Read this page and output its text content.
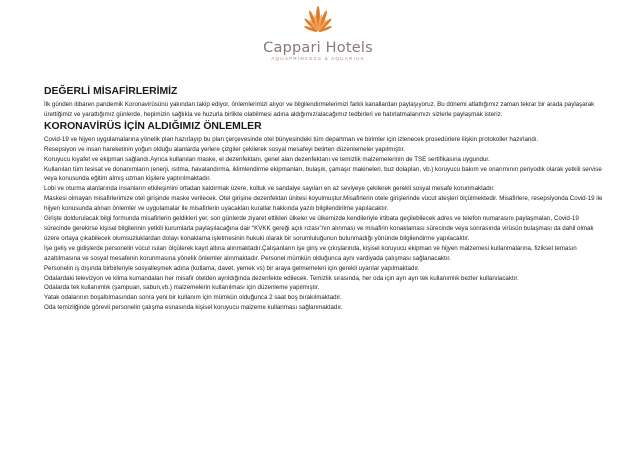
Cappari Hotels
AQUAPRINCESS & AQUARIUS
DEĞERLİ MİSAFİRLERİMİZ

İlk günden itibaren pandemik Koronavirüsünü yakından takip ediyor, önlemlerimizi alıyor ve bilgilendirmelerimizi farklı kanallardan paylaşıyoruz. Bu dönemi atlattığımız zaman tekrar bir arada paylaşarak ürettiğimiz ve yarattığımız günlerde, hepimizin sağlıkla ve huzurla birlikte olabilmesi adına aldığımız/alacağımız tedbirleri ve hatırlatmalarımızı sizlerle paylaşmak isteriz.

KORONAVİRÜS İÇİN ALDIĞIMIZ ÖNLEMLER

Covid-19 ve hijyen uygulamalarına yönelik plan hazırlayıp bu plan çerçevesinde otel bünyesindeki tüm departman ve birimler için izlenecek prosedürlere ilişkin protokoller hazırlandı.

Resepsiyon ve insan hareketinin yoğun olduğu alanlarda yerlere çizgiler çekilerek sosyal mesafeyi belirten düzenlemeler yapılmıştır.

Koruyucu kıyafet ve ekipman sağlandı.Ayrıca kullanılan maske, el dezenfektanı, genel alan dezenfektanı ve temizlik malzemelerinin de TSE sertifikasına uygundur.

Kullanılan tüm tesisat ve donanımların (enerji, ısıtma, havalandırma, iklimlendirme ekipmanları, bulaşık, çamaşır makineleri, buz dolapları, vb.) koruyucu bakım ve onarımının periyodik olarak yetkili servise veya konusunda eğitim almış uzman kişilere yaptırılmaktadır.

Lobi ve oturma alanlarında insanların etkileşimini ortadan kaldırmak üzere, koltuk ve sandalye sayıları en az seviyeye çekilerek gerekli sosyal mesafe korunmaktadır.

Maskesi olmayan misafirlerimize otel girişinde maske verilecek. Otel girişine dezenfektan ünitesi koyulmuştur.Misafirlerin otele girişlerinde vücut ateşleri ölçülmektedir. Misafirlere, resepsiyonda Covid-19 ile hijyen konusunda alınan önlemler ve uygulamalar ile misafirlerin uyacakları kurallar hakkında yazılı bilgilendirilme yapılacaktır.

Girişte doldurulacak bilgi formunda misafirlerin geldikleri yer, son günlerde ziyaret ettikleri ülkeler ve ülkemizde kendileriyle irtibata geçilebilecek adres ve telefon numarasını paylaşmaları, Covid-19 sürecinde gerekirse kişisel bilgilerinin yetkili kurumlarla paylaşılacağına dair “KVKK gereği açık rızası”nın alınması ve misafirin konaklaması sürecinde veya sonrasında virüsün bulaşması da dahil olmak üzere ortaya çıkabilecek olumsuzluklardan dolayı konaklama işletmesinin hukuki olarak bir sorumluluğunun bulunmadığı yönünde bilgilendirme yapılacaktır.

İşe geliş ve gidişlerde personelin vücut ısıları ölçülerek kayıt altına alınmaktadır.Çalışanların işe giriş ve çıkışlarında, kişisel koruyucu ekipman ve hijyen malzemesi kullanmalarına, fiziksel temasın azaltılmasına ve sosyal mesafenin korunmasına yönelik önlemler alınmaktadır. Personel mümkün olduğunca aynı vardiyada çalışması sağlanacaktır.

Personelin iş dışında birbirleriyle sosyalleşmek adına (kutlama, davet, yemek vs) bir araya gelmemeleri için gerekli uyarılar yapılmaktadır.

Odalardaki televizyon ve klima kumandaları her misafir otelden ayrıldığında dezenfekte edilecek. Temizlik sırasında, her oda için ayrı ayrı tek kullanımlık bezler kullanılacaktır.

Odalarda tek kullanımlık (şampuan, sabun,vb.) malzemelerin kullanılması için düzenleme yapılmıştır.

Yatak odalarının boşaltılmasından sonra yeni bir kullanım için mümkün olduğunca 2 saat boş bırakılmaktadır.

Oda temizliğinde görevli personelin çalışma esnasında kişisel koruyucu malzeme kullanması sağlanmaktadır.
